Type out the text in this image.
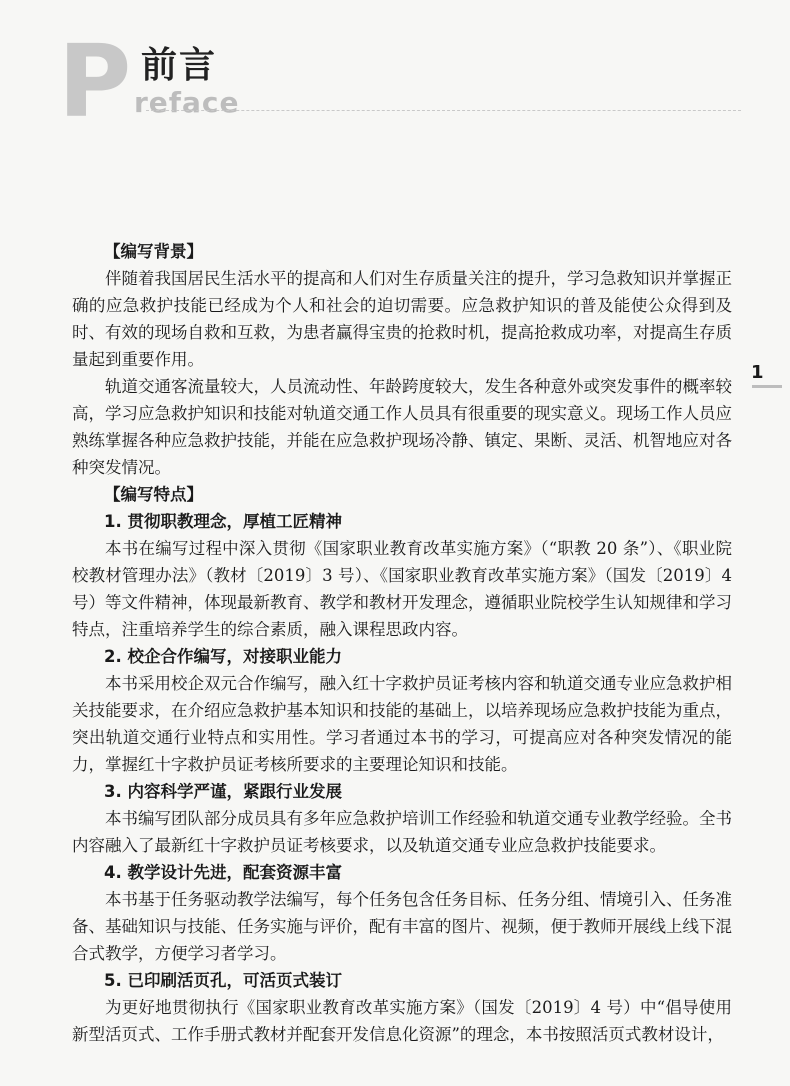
P 前言
reface
1

【编写背景】

伴随着我国居民生活水平的提高和人们对生存质量关注的提升，学习急救知识并掌握正确的应急救护技能已经成为个人和社会的迫切需要。应急救护知识的普及能使公众得到及时、有效的现场自救和互救，为患者赢得宝贵的抢救时机，提高抢救成功率，对提高生存质量起到重要作用。

轨道交通客流量较大，人员流动性、年龄跨度较大，发生各种意外或突发事件的概率较高，学习应急救护知识和技能对轨道交通工作人员具有很重要的现实意义。现场工作人员应熟练掌握各种应急救护技能，并能在应急救护现场冷静、镇定、果断、灵活、机智地应对各种突发情况。

【编写特点】

1. 贯彻职教理念，厚植工匠精神

本书在编写过程中深入贯彻《国家职业教育改革实施方案》（“职教 20 条”）、《职业院校教材管理办法》（教材〔2019〕3 号）、《国家职业教育改革实施方案》（国发〔2019〕4 号）等文件精神，体现最新教育、教学和教材开发理念，遵循职业院校学生认知规律和学习特点，注重培养学生的综合素质，融入课程思政内容。

2. 校企合作编写，对接职业能力

本书采用校企双元合作编写，融入红十字救护员证考核内容和轨道交通专业应急救护相关技能要求，在介绍应急救护基本知识和技能的基础上，以培养现场应急救护技能为重点，突出轨道交通行业特点和实用性。学习者通过本书的学习，可提高应对各种突发情况的能力，掌握红十字救护员证考核所要求的主要理论知识和技能。

3. 内容科学严谨，紧跟行业发展

本书编写团队部分成员具有多年应急救护培训工作经验和轨道交通专业教学经验。全书内容融入了最新红十字救护员证考核要求，以及轨道交通专业应急救护技能要求。

4. 教学设计先进，配套资源丰富

本书基于任务驱动教学法编写，每个任务包含任务目标、任务分组、情境引入、任务准备、基础知识与技能、任务实施与评价，配有丰富的图片、视频，便于教师开展线上线下混合式教学，方便学习者学习。

5. 已印刷活页孔，可活页式装订

为更好地贯彻执行《国家职业教育改革实施方案》（国发〔2019〕4 号）中“倡导使用新型活页式、工作手册式教材并配套开发信息化资源”的理念，本书按照活页式教材设计，
